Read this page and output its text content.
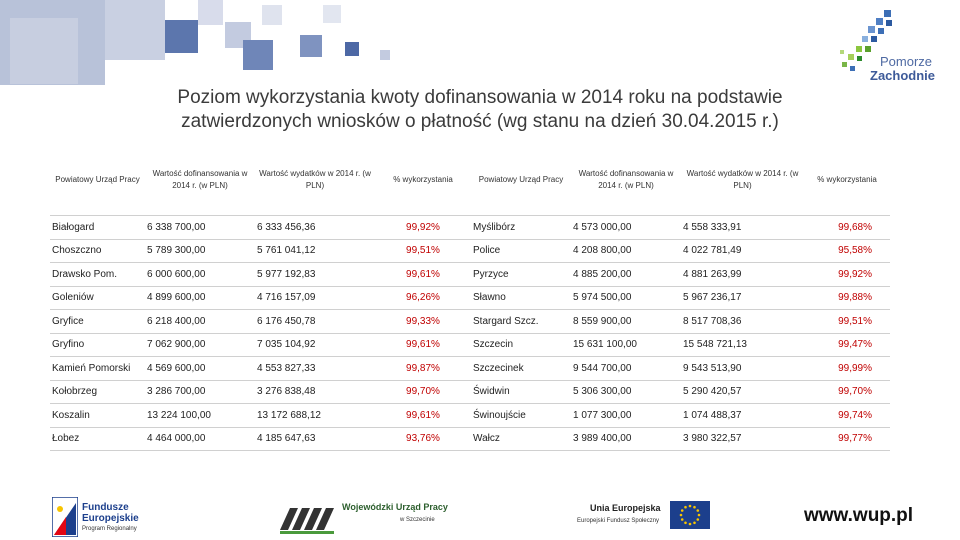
Pomorze
Zachodnie
Poziom wykorzystania kwoty dofinansowania w 2014 roku na podstawie
zatwierdzonych wniosków o płatność (wg stanu na dzień 30.04.2015 r.)
Powiatowy Urząd Pracy	Wartość dofinansowania w 2014 r. (w PLN)	Wartość wydatków w 2014 r. (w PLN)	% wykorzystania	Powiatowy Urząd Pracy	Wartość dofinansowania w 2014 r. (w PLN)	Wartość wydatków w 2014 r. (w PLN)	% wykorzystania
Białogard	6 338 700,00	6 333 456,36	99,92%	Myślibórz	4 573 000,00	4 558 333,91	99,68%
Choszczno	5 789 300,00	5 761 041,12	99,51%	Police	4 208 800,00	4 022 781,49	95,58%
Drawsko Pom.	6 000 600,00	5 977 192,83	99,61%	Pyrzyce	4 885 200,00	4 881 263,99	99,92%
Goleniów	4 899 600,00	4 716 157,09	96,26%	Sławno	5 974 500,00	5 967 236,17	99,88%
Gryfice	6 218 400,00	6 176 450,78	99,33%	Stargard Szcz.	8 559 900,00	8 517 708,36	99,51%
Gryfino	7 062 900,00	7 035 104,92	99,61%	Szczecin	15 631 100,00	15 548 721,13	99,47%
Kamień Pomorski	4 569 600,00	4 553 827,33	99,87%	Szczecinek	9 544 700,00	9 543 513,90	99,99%
Kołobrzeg	3 286 700,00	3 276 838,48	99,70%	Świdwin	5 306 300,00	5 290 420,57	99,70%
Koszalin	13 224 100,00	13 172 688,12	99,61%	Świnoujście	1 077 300,00	1 074 488,37	99,74%
Łobez	4 464 000,00	4 185 647,63	93,76%	Wałcz	3 989 400,00	3 980 322,57	99,77%
Fundusze
Europejskie
Program Regionalny
Wojewódzki Urząd Pracy
w Szczecinie
Unia Europejska
Europejski Fundusz Społeczny	www.wup.pl
